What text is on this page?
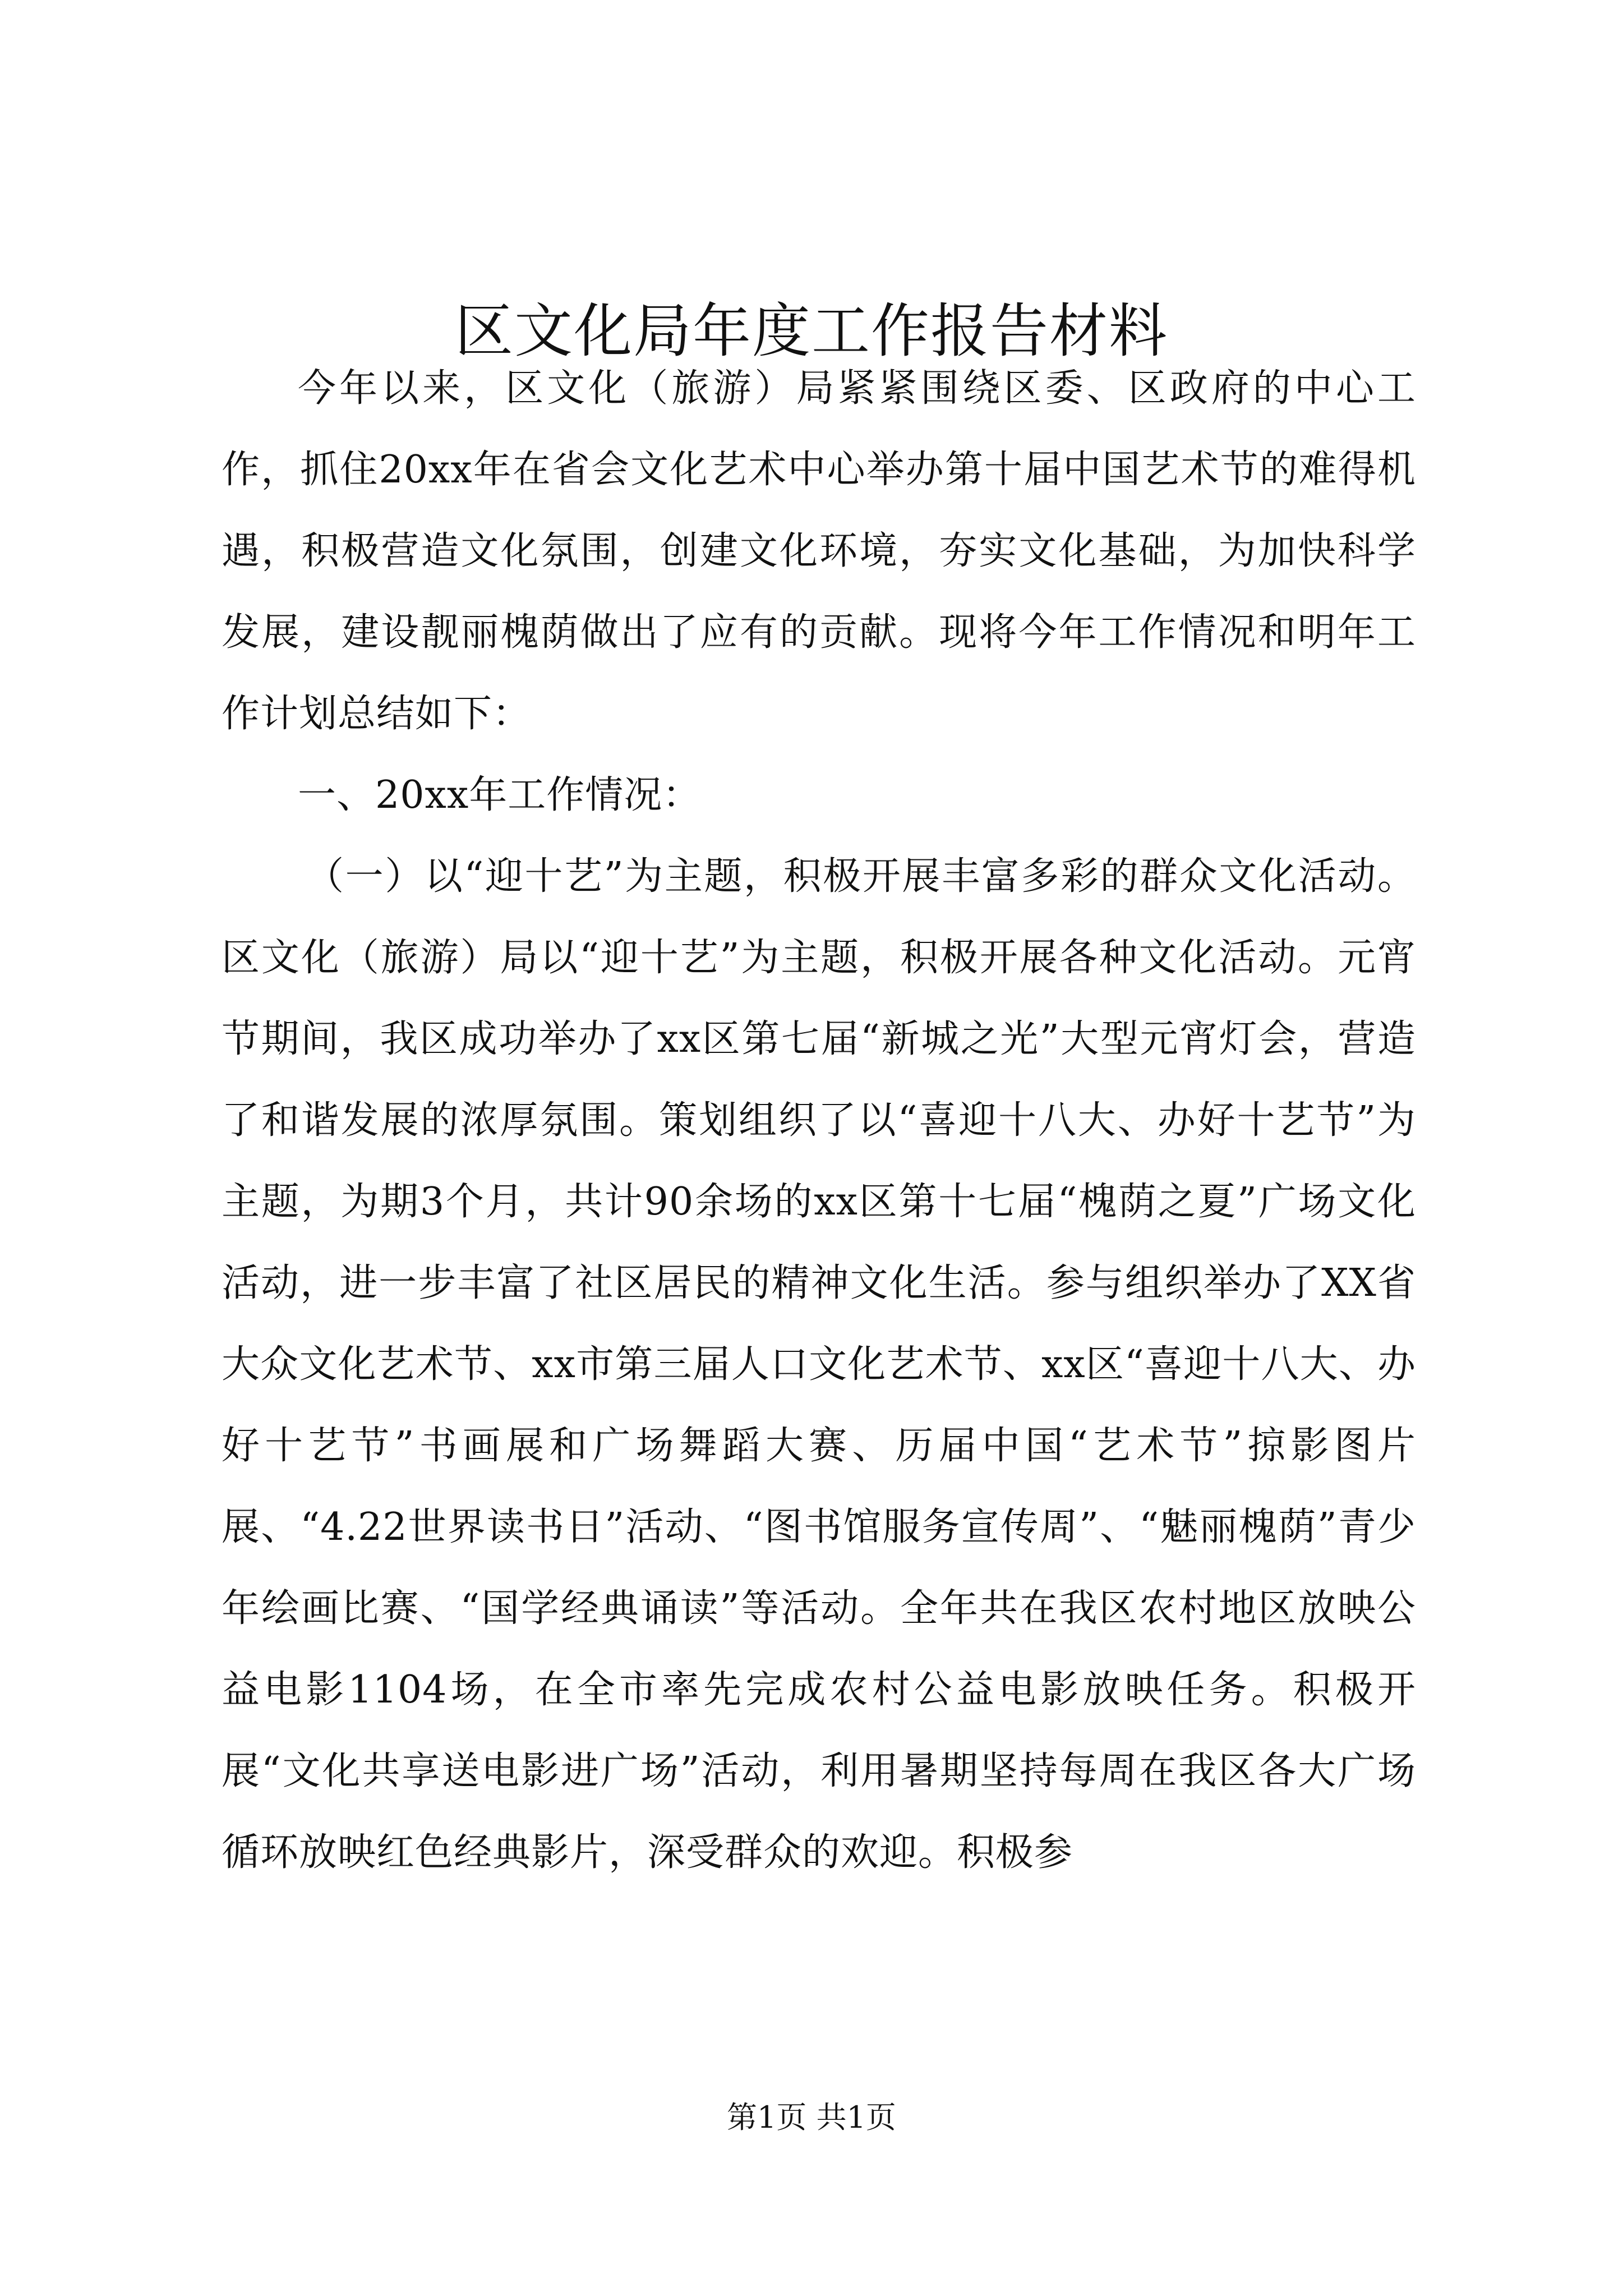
区文化局年度工作报告材料

今年以来，区文化（旅游）局紧紧围绕区委、区政府的中心工作，抓住20xx年在省会文化艺术中心举办第十届中国艺术节的难得机遇，积极营造文化氛围，创建文化环境，夯实文化基础，为加快科学发展，建设靓丽槐荫做出了应有的贡献。现将今年工作情况和明年工作计划总结如下：

一、20xx年工作情况：

（一）以“迎十艺”为主题，积极开展丰富多彩的群众文化活动。区文化（旅游）局以“迎十艺”为主题，积极开展各种文化活动。元宵节期间，我区成功举办了xx区第七届“新城之光”大型元宵灯会，营造了和谐发展的浓厚氛围。策划组织了以“喜迎十八大、办好十艺节”为主题，为期3个月，共计90余场的xx区第十七届“槐荫之夏”广场文化活动，进一步丰富了社区居民的精神文化生活。参与组织举办了XX省大众文化艺术节、xx市第三届人口文化艺术节、xx区“喜迎十八大、办好十艺节”书画展和广场舞蹈大赛、历届中国“艺术节”掠影图片展、“4.22世界读书日”活动、“图书馆服务宣传周”、“魅丽槐荫”青少年绘画比赛、“国学经典诵读”等活动。全年共在我区农村地区放映公益电影1104场，在全市率先完成农村公益电影放映任务。积极开展“文化共享送电影进广场”活动，利用暑期坚持每周在我区各大广场循环放映红色经典影片，深受群众的欢迎。积极参

第1页 共1页
